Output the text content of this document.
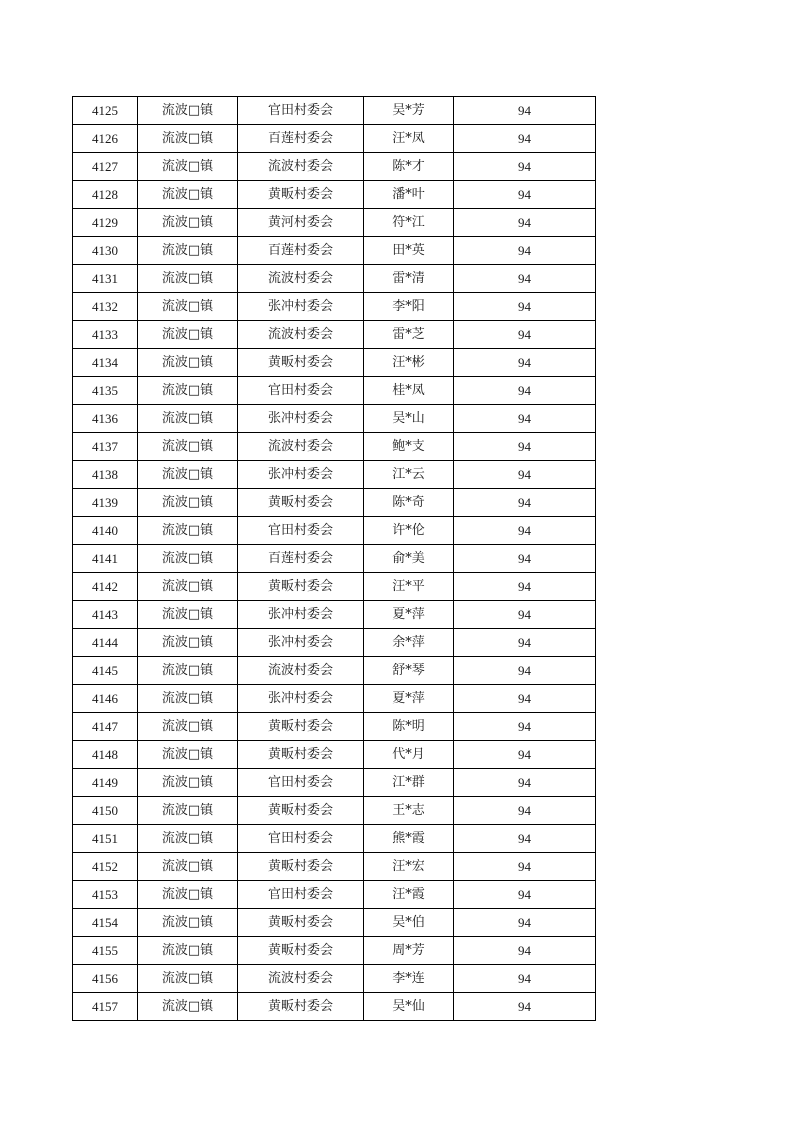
4125	流波□镇	官田村委会	吴*芳	94
4126	流波□镇	百莲村委会	汪*凤	94
4127	流波□镇	流波村委会	陈*才	94
4128	流波□镇	黄畈村委会	潘*叶	94
4129	流波□镇	黄河村委会	符*江	94
4130	流波□镇	百莲村委会	田*英	94
4131	流波□镇	流波村委会	雷*清	94
4132	流波□镇	张冲村委会	李*阳	94
4133	流波□镇	流波村委会	雷*芝	94
4134	流波□镇	黄畈村委会	汪*彬	94
4135	流波□镇	官田村委会	桂*凤	94
4136	流波□镇	张冲村委会	吴*山	94
4137	流波□镇	流波村委会	鲍*支	94
4138	流波□镇	张冲村委会	江*云	94
4139	流波□镇	黄畈村委会	陈*奇	94
4140	流波□镇	官田村委会	许*伦	94
4141	流波□镇	百莲村委会	俞*美	94
4142	流波□镇	黄畈村委会	汪*平	94
4143	流波□镇	张冲村委会	夏*萍	94
4144	流波□镇	张冲村委会	余*萍	94
4145	流波□镇	流波村委会	舒*琴	94
4146	流波□镇	张冲村委会	夏*萍	94
4147	流波□镇	黄畈村委会	陈*明	94
4148	流波□镇	黄畈村委会	代*月	94
4149	流波□镇	官田村委会	江*群	94
4150	流波□镇	黄畈村委会	王*志	94
4151	流波□镇	官田村委会	熊*霞	94
4152	流波□镇	黄畈村委会	汪*宏	94
4153	流波□镇	官田村委会	汪*霞	94
4154	流波□镇	黄畈村委会	吴*伯	94
4155	流波□镇	黄畈村委会	周*芳	94
4156	流波□镇	流波村委会	李*连	94
4157	流波□镇	黄畈村委会	吴*仙	94
